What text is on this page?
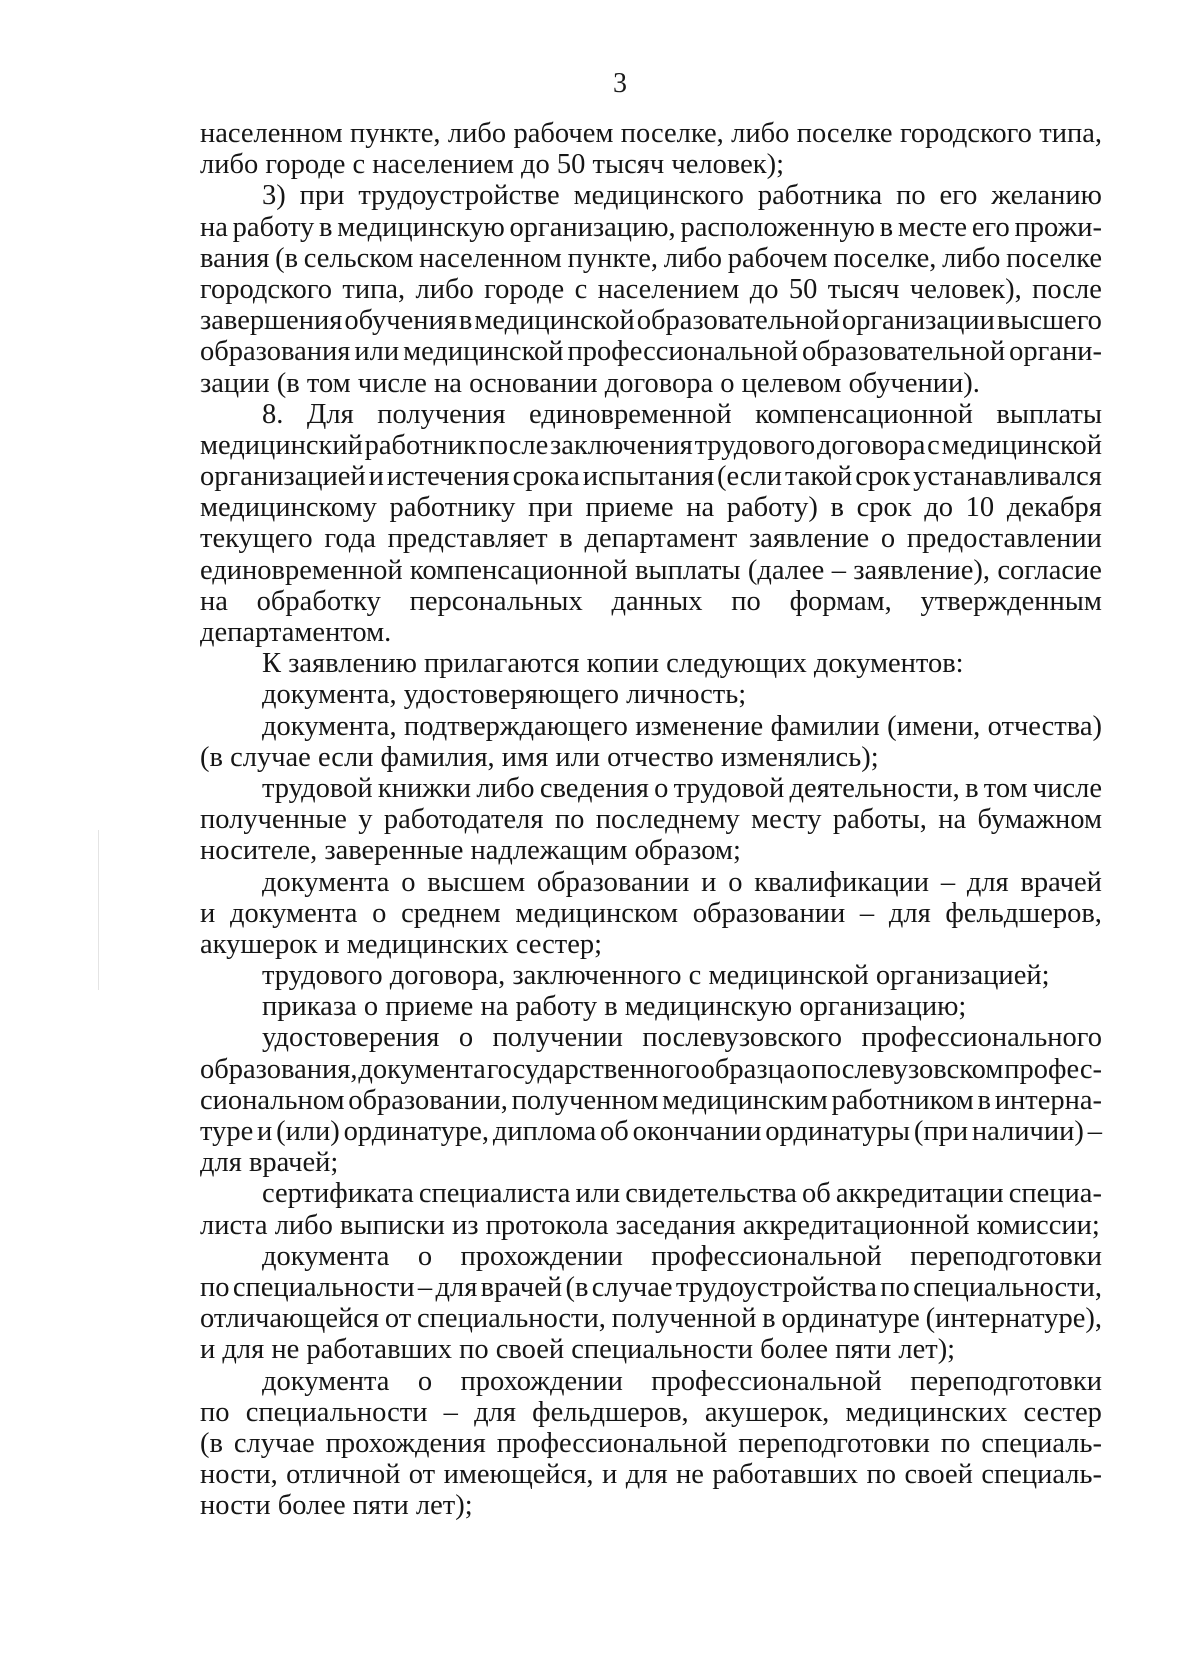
3
населенном пункте, либо рабочем поселке, либо поселке городского типа,
либо городе с населением до 50 тысяч человек);
3) при трудоустройстве медицинского работника по его желанию
на работу в медицинскую организацию, расположенную в месте его прожи-
вания (в сельском населенном пункте, либо рабочем поселке, либо поселке
городского типа, либо городе с населением до 50 тысяч человек), после
завершения обучения в медицинской образовательной организации высшего
образования или медицинской профессиональной образовательной органи-
зации (в том числе на основании договора о целевом обучении).
8. Для получения единовременной компенсационной выплаты
медицинский работник после заключения трудового договора с медицинской
организацией и истечения срока испытания (если такой срок устанавливался
медицинскому работнику при приеме на работу) в срок до 10 декабря
текущего года представляет в департамент заявление о предоставлении
единовременной компенсационной выплаты (далее – заявление), согласие
на обработку персональных данных по формам, утвержденным
департаментом.
К заявлению прилагаются копии следующих документов:
документа, удостоверяющего личность;
документа, подтверждающего изменение фамилии (имени, отчества)
(в случае если фамилия, имя или отчество изменялись);
трудовой книжки либо сведения о трудовой деятельности, в том числе
полученные у работодателя по последнему месту работы, на бумажном
носителе, заверенные надлежащим образом;
документа о высшем образовании и о квалификации – для врачей
и документа о среднем медицинском образовании – для фельдшеров,
акушерок и медицинских сестер;
трудового договора, заключенного с медицинской организацией;
приказа о приеме на работу в медицинскую организацию;
удостоверения о получении послевузовского профессионального
образования, документа государственного образца о послевузовском профес-
сиональном образовании, полученном медицинским работником в интерна-
туре и (или) ординатуре, диплома об окончании ординатуры (при наличии) –
для врачей;
сертификата специалиста или свидетельства об аккредитации специа-
листа либо выписки из протокола заседания аккредитационной комиссии;
документа о прохождении профессиональной переподготовки
по специальности – для врачей (в случае трудоустройства по специальности,
отличающейся от специальности, полученной в ординатуре (интернатуре),
и для не работавших по своей специальности более пяти лет);
документа о прохождении профессиональной переподготовки
по специальности – для фельдшеров, акушерок, медицинских сестер
(в случае прохождения профессиональной переподготовки по специаль-
ности, отличной от имеющейся, и для не работавших по своей специаль-
ности более пяти лет);
